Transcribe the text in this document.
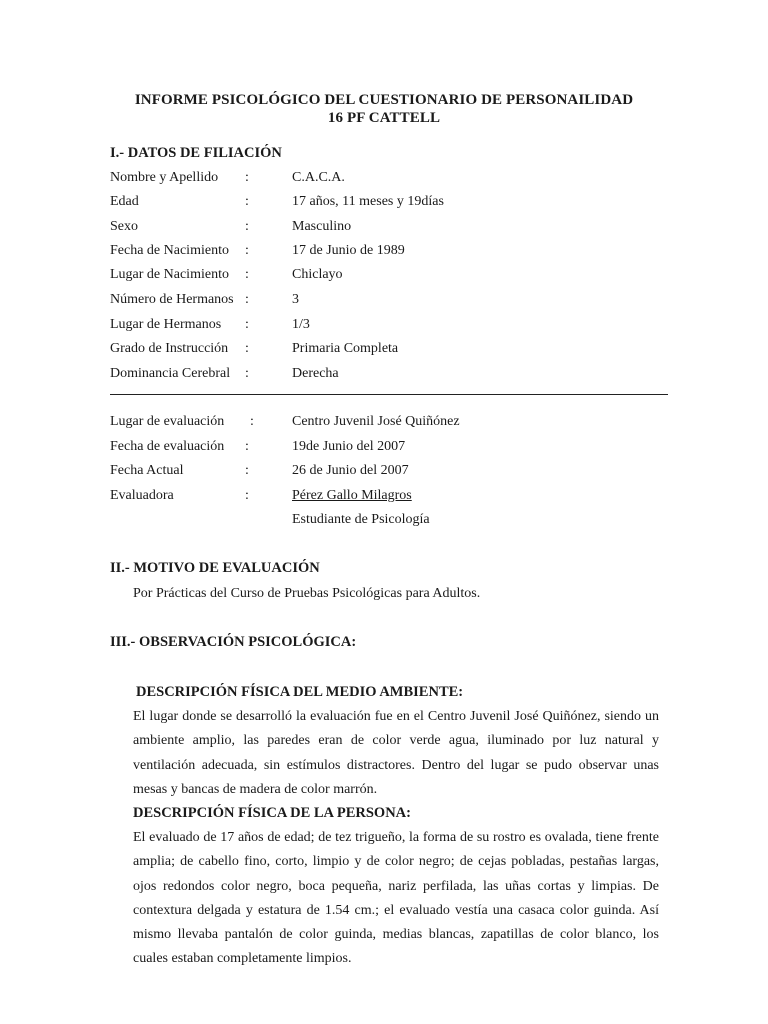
INFORME PSICOLÓGICO DEL CUESTIONARIO DE PERSONAILIDAD
16 PF CATTELL
I.- DATOS DE FILIACIÓN
Nombre y Apellido :	C.A.C.A.
Edad	:	17 años, 11 meses y 19días
Sexo	:	Masculino
Fecha de Nacimiento :	17 de Junio de 1989
Lugar de Nacimiento :	Chiclayo
Número de Hermanos :	3
Lugar de Hermanos :	1/3
Grado de Instrucción :	Primaria Completa
Dominancia Cerebral :	Derecha
Lugar de evaluación :	Centro Juvenil José Quiñónez
Fecha de evaluación :	19de Junio del 2007
Fecha Actual	:	26 de Junio del 2007
Evaluadora	:	Pérez Gallo Milagros
Estudiante de Psicología
II.- MOTIVO DE EVALUACIÓN
Por Prácticas del Curso de Pruebas Psicológicas para Adultos.
III.- OBSERVACIÓN PSICOLÓGICA:
DESCRIPCIÓN FÍSICA DEL MEDIO AMBIENTE:
El lugar donde se desarrolló la evaluación fue en el Centro Juvenil José Quiñónez, siendo un ambiente amplio, las paredes eran de color verde agua, iluminado por luz natural y ventilación adecuada, sin estímulos distractores. Dentro del lugar se pudo observar unas mesas y bancas de madera de color marrón.
DESCRIPCIÓN FÍSICA DE LA PERSONA:
El evaluado de 17 años de edad; de tez trigueño, la forma de su rostro es ovalada, tiene frente amplia; de cabello fino, corto, limpio y de color negro; de cejas pobladas, pestañas largas, ojos redondos color negro, boca pequeña, nariz perfilada, las uñas cortas y limpias. De contextura delgada y estatura de 1.54 cm.; el evaluado vestía una casaca color guinda. Así mismo llevaba pantalón de color guinda, medias blancas, zapatillas de color blanco, los cuales estaban completamente limpios.
